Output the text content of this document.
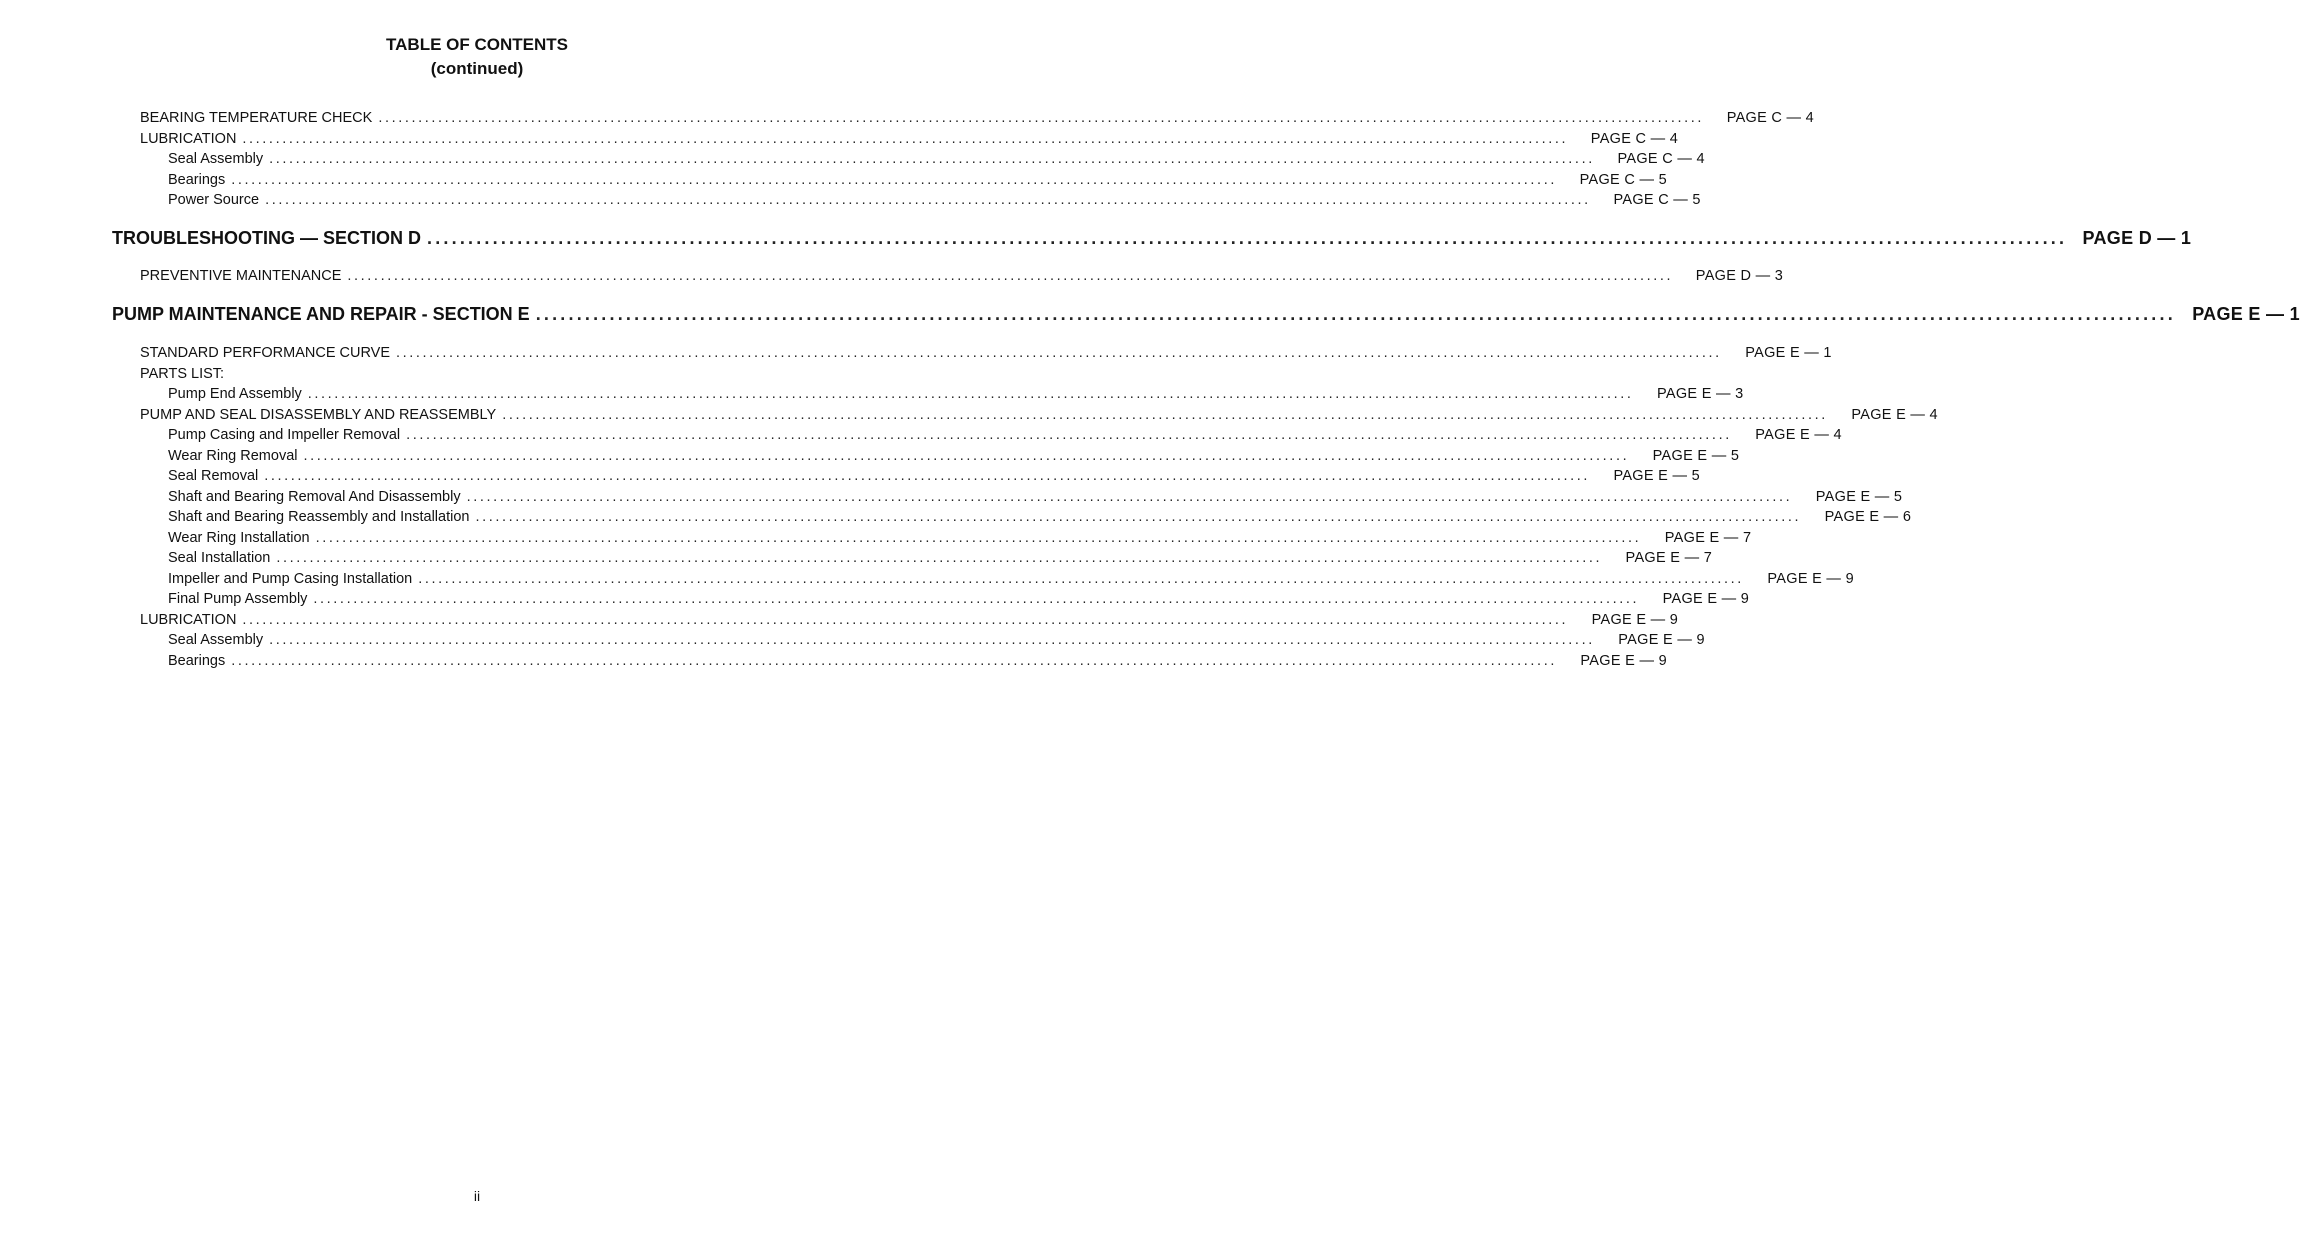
TABLE OF CONTENTS
(continued)
BEARING TEMPERATURE CHECK ........................................................................................................................................................................................................	PAGE C — 4
LUBRICATION ........................................................................................................................................................................................................	PAGE C — 4
Seal Assembly ........................................................................................................................................................................................................	PAGE C — 4
Bearings ........................................................................................................................................................................................................	PAGE C — 5
Power Source ........................................................................................................................................................................................................	PAGE C — 5
TROUBLESHOOTING — SECTION D ........................................................................................................................................................................................................ PAGE D — 1
PREVENTIVE MAINTENANCE ........................................................................................................................................................................................................	PAGE D — 3
PUMP MAINTENANCE AND REPAIR - SECTION E ........................................................................................................................................................................................................ PAGE E — 1
STANDARD PERFORMANCE CURVE ........................................................................................................................................................................................................	PAGE E — 1
PARTS LIST:
Pump End Assembly ........................................................................................................................................................................................................	PAGE E — 3
PUMP AND SEAL DISASSEMBLY AND REASSEMBLY ........................................................................................................................................................................................................	PAGE E — 4
Pump Casing and Impeller Removal ........................................................................................................................................................................................................	PAGE E — 4
Wear Ring Removal ........................................................................................................................................................................................................	PAGE E — 5
Seal Removal ........................................................................................................................................................................................................	PAGE E — 5
Shaft and Bearing Removal And Disassembly ........................................................................................................................................................................................................	PAGE E — 5
Shaft and Bearing Reassembly and Installation ........................................................................................................................................................................................................	PAGE E — 6
Wear Ring Installation ........................................................................................................................................................................................................	PAGE E — 7
Seal Installation ........................................................................................................................................................................................................	PAGE E — 7
Impeller and Pump Casing Installation ........................................................................................................................................................................................................	PAGE E — 9
Final Pump Assembly ........................................................................................................................................................................................................	PAGE E — 9
LUBRICATION ........................................................................................................................................................................................................	PAGE E — 9
Seal Assembly ........................................................................................................................................................................................................	PAGE E — 9
Bearings ........................................................................................................................................................................................................	PAGE E — 9
ii
